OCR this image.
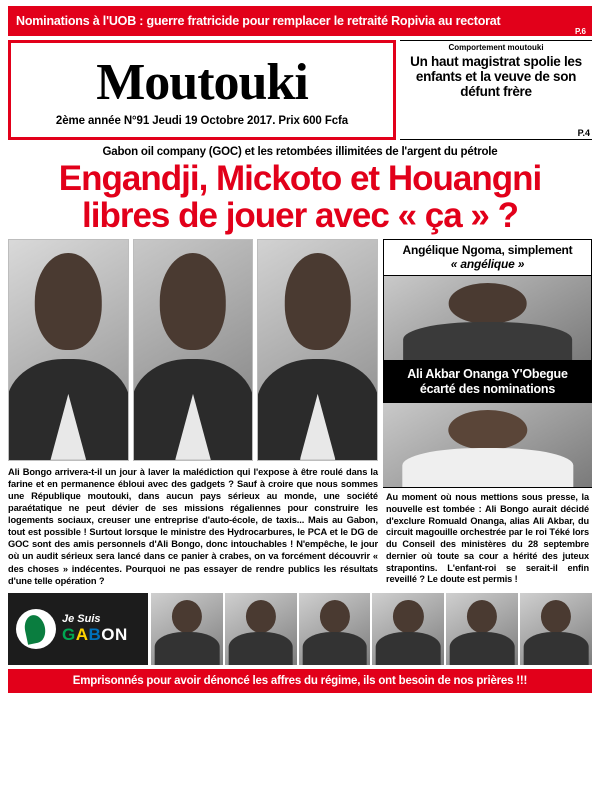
Nominations à l'UOB : guerre fratricide pour remplacer le retraité Ropivia au rectorat
P.6
Moutouki
2ème année N°91 Jeudi 19 Octobre 2017. Prix 600 Fcfa
Comportement moutouki
Un haut magistrat spolie les enfants et la veuve de son défunt frère
P.4
Gabon oil company (GOC) et les retombées illimitées de l'argent du pétrole
Engandji, Mickoto et Houangni
libres de jouer avec « ça » ?
Ali Bongo arrivera-t-il un jour à laver la malédiction qui l'expose à être roulé dans la farine et en permanence ébloui avec des gadgets ? Sauf à croire que nous sommes une République moutouki, dans aucun pays sérieux au monde, une société paraétatique ne peut dévier de ses missions régaliennes pour construire les logements sociaux, creuser une entreprise d'auto-école, de taxis... Mais au Gabon, tout est possible ! Surtout lorsque le ministre des Hydrocarbures, le PCA et le DG de GOC sont des amis personnels d'Ali Bongo, donc intouchables ! N'empêche, le jour où un audit sérieux sera lancé dans ce panier à crabes, on va forcément découvrir « des choses » indécentes. Pourquoi ne pas essayer de rendre publics les résultats d'une telle opération ?
Angélique Ngoma, simplement
« angélique »
Ali Akbar Onanga Y'Obegue
écarté des nominations
Au moment où nous mettions sous presse, la nouvelle est tombée : Ali Bongo aurait décidé d'exclure Romuald Onanga, alias Ali Akbar, du circuit magouille orchestrée par le roi Téké lors du Conseil des ministères du 28 septembre dernier où toute sa cour a hérité des juteux strapontins. L'enfant-roi se serait-il enfin reveillé ? Le doute est permis !
Je Suis
GABON
Emprisonnés pour avoir dénoncé les affres du régime, ils ont besoin de nos prières !!!
